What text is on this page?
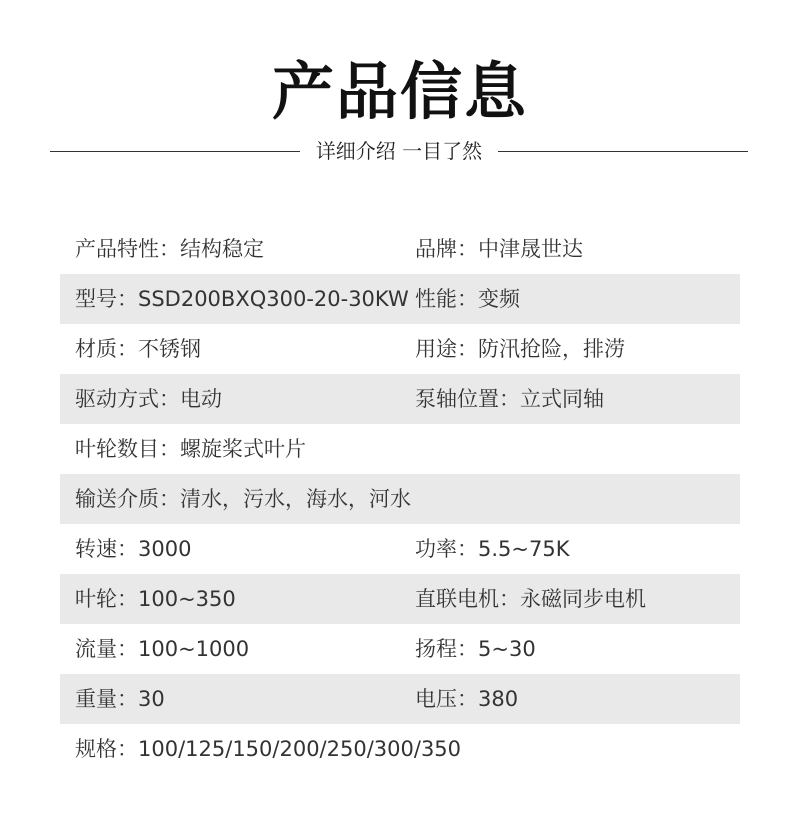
产品信息
详细介绍 一目了然
产品特性：结构稳定	品牌：中津晟世达
型号：SSD200BXQ300-20-30KW 性能：变频
材质：不锈钢	用途：防汛抢险，排涝
驱动方式：电动	泵轴位置：立式同轴
叶轮数目：螺旋桨式叶片
输送介质：清水，污水，海水，河水
转速：3000	功率：5.5~75K
叶轮：100~350	直联电机：永磁同步电机
流量：100~1000	扬程：5~30
重量：30	电压：380
规格：100/125/150/200/250/300/350
